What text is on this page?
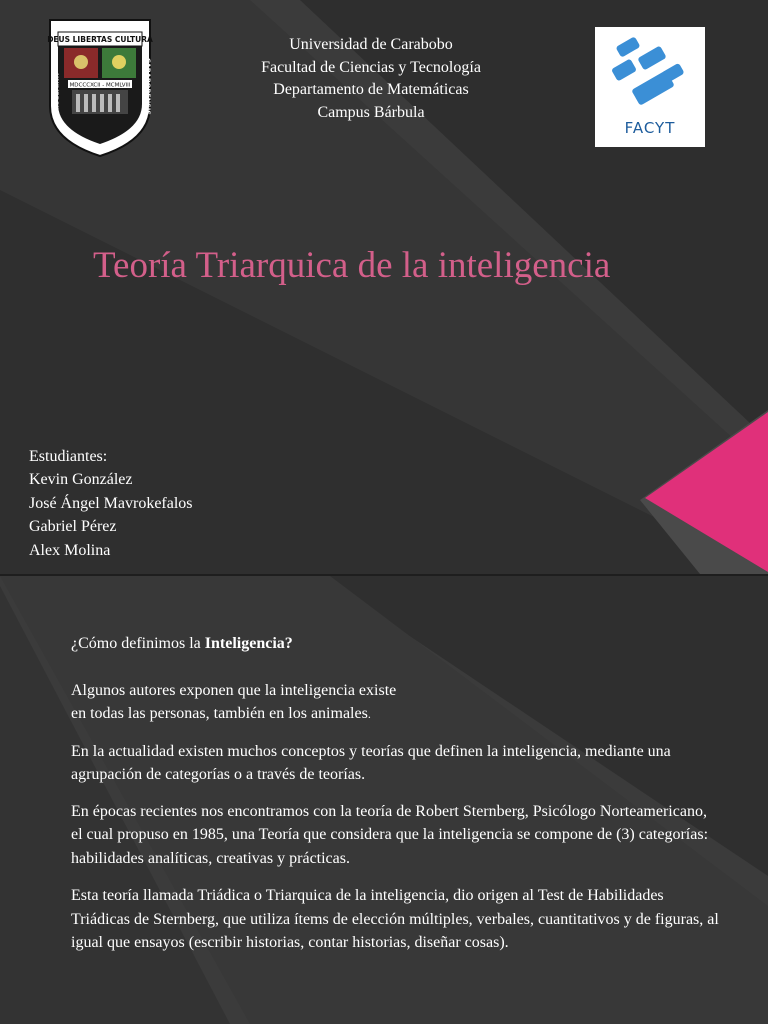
DEUS LIBERTAS CULTURA
MDCCCXCII - MCMLVIII
UNIVERSITAS	CARABOBENSIS
FACYT
Universidad de Carabobo
Facultad de Ciencias y Tecnología
Departamento de Matemáticas
Campus Bárbula
Teoría Triarquica de la inteligencia
Estudiantes:
Kevin González
José Ángel Mavrokefalos
Gabriel Pérez
Alex Molina

¿Cómo definimos la Inteligencia?

Algunos autores exponen que la inteligencia existe
en todas las personas, también en los animales.

En la actualidad existen muchos conceptos y teorías que definen la inteligencia, mediante una agrupación de categorías o a través de teorías.

En épocas recientes nos encontramos con la teoría de Robert Sternberg, Psicólogo Norteamericano, el cual propuso en 1985, una Teoría que considera que la inteligencia se compone de (3) categorías: habilidades analíticas, creativas y prácticas.

Esta teoría llamada Triádica o Triarquica de la inteligencia, dio origen al Test de Habilidades Triádicas de Sternberg, que utiliza ítems de elección múltiples, verbales, cuantitativos y de figuras, al igual que ensayos (escribir historias, contar historias, diseñar cosas).
